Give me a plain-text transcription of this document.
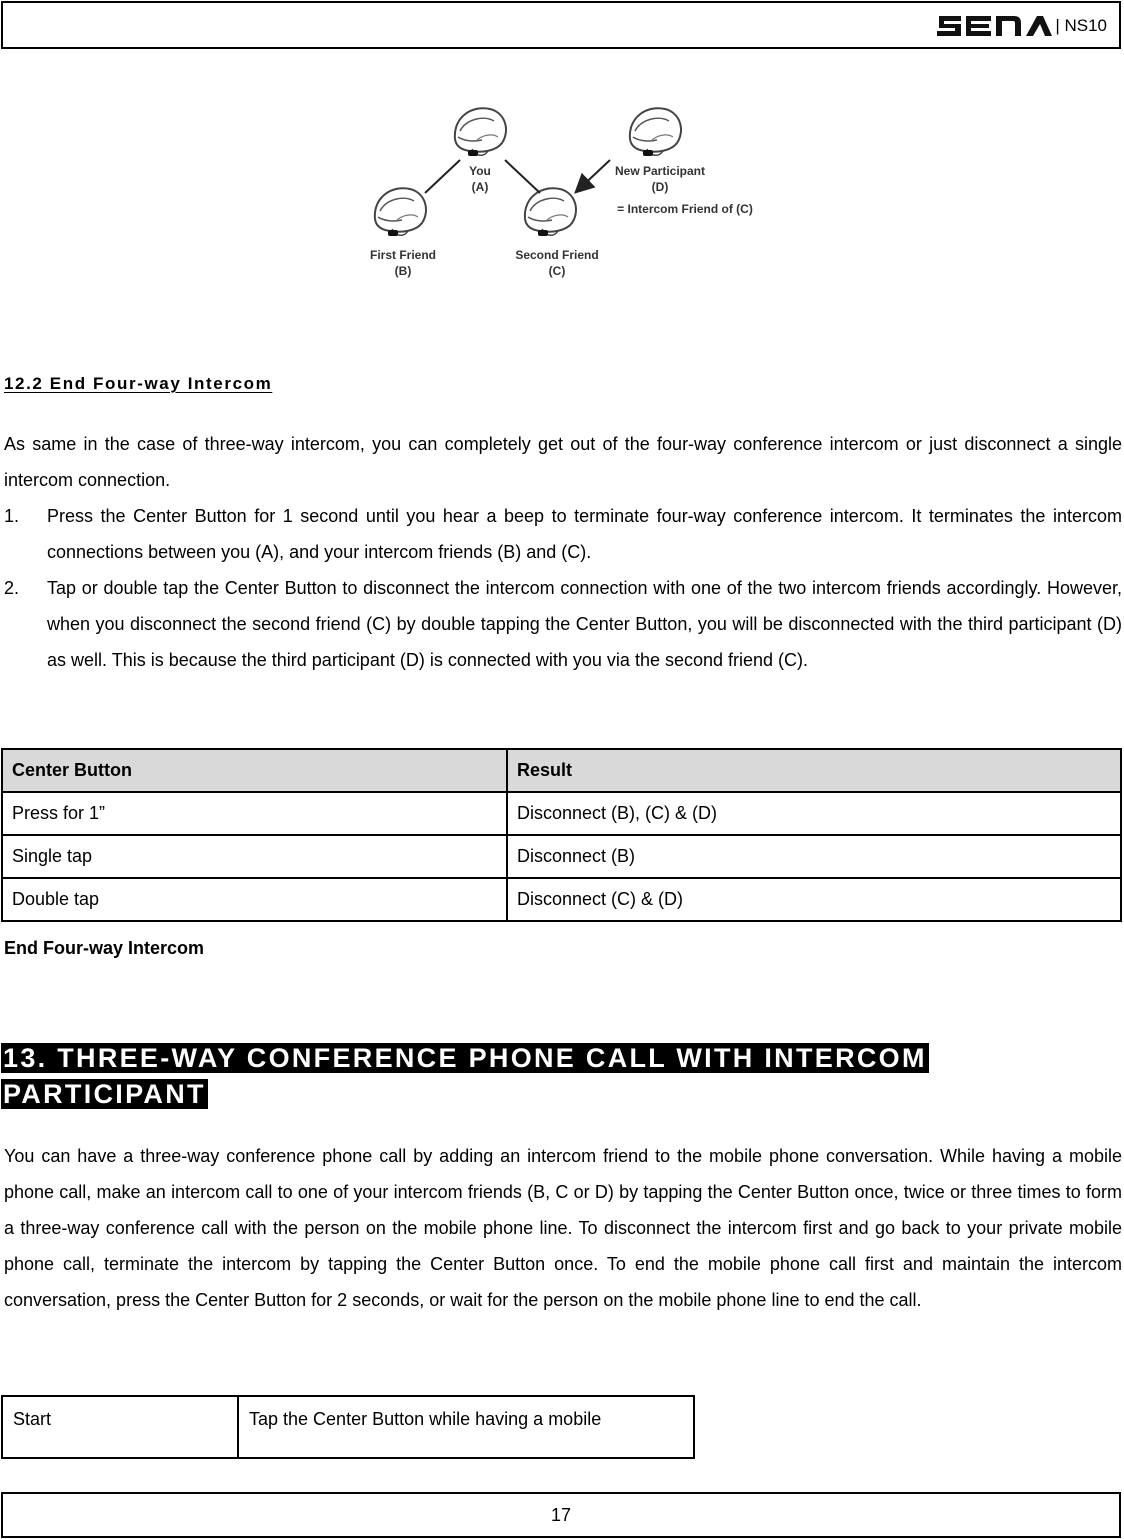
| NS10
You
(A)
First Friend
(B)
Second Friend
(C)
New Participant
(D)
= Intercom Friend of (C)
12.2 End Four-way Intercom

As same in the case of three-way intercom, you can completely get out of the four-way conference intercom or just disconnect a single intercom connection.

1. Press the Center Button for 1 second until you hear a beep to terminate four-way conference intercom. It terminates the intercom connections between you (A), and your intercom friends (B) and (C).
2. Tap or double tap the Center Button to disconnect the intercom connection with one of the two intercom friends accordingly. However, when you disconnect the second friend (C) by double tapping the Center Button, you will be disconnected with the third participant (D) as well. This is because the third participant (D) is connected with you via the second friend (C).
Center Button	Result
Press for 1”	Disconnect (B), (C) & (D)
Single tap	Disconnect (B)
Double tap	Disconnect (C) & (D)
End Four-way Intercom
13. THREE-WAY CONFERENCE PHONE CALL WITH INTERCOM
PARTICIPANT

You can have a three-way conference phone call by adding an intercom friend to the mobile phone conversation. While having a mobile phone call, make an intercom call to one of your intercom friends (B, C or D) by tapping the Center Button once, twice or three times to form a three-way conference call with the person on the mobile phone line. To disconnect the intercom first and go back to your private mobile phone call, terminate the intercom by tapping the Center Button once. To end the mobile phone call first and maintain the intercom conversation, press the Center Button for 2 seconds, or wait for the person on the mobile phone line to end the call.

Start	Tap the Center Button while having a mobile
17
